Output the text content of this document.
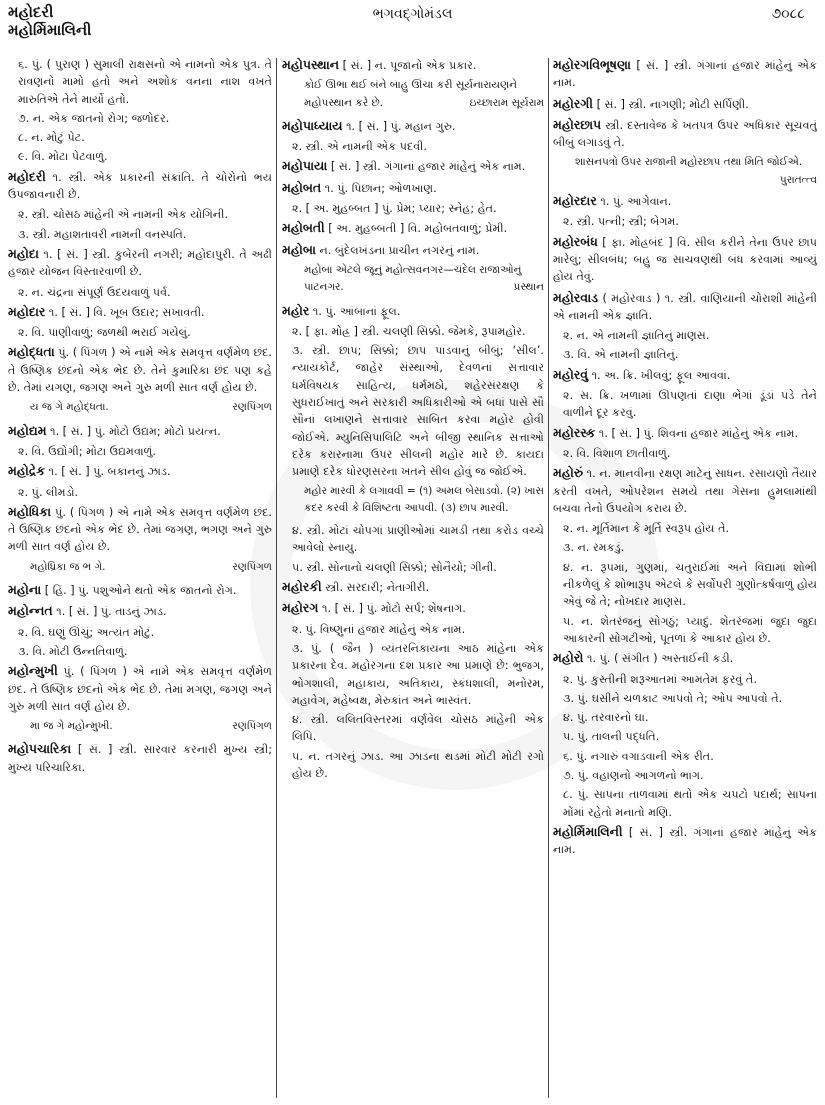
મહોદરી
મહોર્મિમાલિની
ભગવદ્ગોમંડલ	૭૦૮૮
૬. પું. ( પુરાણ ) સુમાલી રાક્ષસનો એ નામનો એક પુત્ર. તે રાવણનો મામો હતો અને અશોક વનના નાશ વખતે મારુતિએ તેને માર્યો હતો.
૭. ન. એક જાતનો રોગ; જળોદર.
૮. ન. મોટું પેટ.
૯. વિ. મોટા પેટવાળું.
મહોદરી ૧. સ્ત્રી. એક પ્રકારની સંક્રાંતિ. તે ચોરોનો ભય ઉપજાવનારી છે.
૨. સ્ત્રી. ચોસઠ માંહેની એ નામની એક યોગિની.
૩. સ્ત્રી. મહાશતાવરી નામની વનસ્પતિ.
મહોદા ૧. [ સં. ] સ્ત્રી. કુબેરની નગરી; મહોદાપુરી. તે અઢી હજાર યોજન વિસ્તારવાળી છે.
૨. ન. ચંદ્રના સંપૂર્ણ ઉદયવાળું પર્વ.
મહોદાર ૧. [ સં. ] વિ. ખૂબ ઉદાર; સખાવતી.
૨. વિ. પાણીવાળું; જળથી ભરાઈ ગયેલું.
મહોદ્ધતા પું. ( પિંગળ ) એ નામે એક સમવૃત્ત વર્ણમેળ છંદ. તે ઉષ્ણિક છંદનો એક ભેદ છે. તેને કુમારિકા છંદ પણ કહે છે. તેમાં યગણ, જગણ અને ગુરુ મળી સાત વર્ણ હોય છે.
ય જ ગે મહોદ્ધતા.	રણપિંગળ
મહોદ્યમ ૧. [ સં. ] પું. મોટો ઉદ્યમ; મોટો પ્રયત્ન.
૨. વિ. ઉદ્યોગી; મોટા ઉદ્યમવાળું.
મહોદ્રેક ૧. [ સં. ] પું. બકાનનું ઝાડ.
૨. પું. લીમડો.
મહોધિકા પું. ( પિંગળ ) એ નામે એક સમવૃત્ત વર્ણમેળ છંદ. તે ઉષ્ણિક છંદનો એક ભેદ છે. તેમાં જગણ, ભગણ અને ગુરુ મળી સાત વર્ણ હોય છે.
મહોધ્રિકા જ ભ ગે.	રણપિંગળ
મહોના [ હિં. ] પું. પશુઓને થતો એક જાતનો રોગ.
મહોન્નત ૧. [ સં. ] પું. તાડનું ઝાડ.
૨. વિ. ઘણું ઊંચું; અત્યંત મોટું.
૩. વિ. મોટી ઉન્નતિવાળું.
મહોન્મુખી પું. ( પિંગળ ) એ નામે એક સમવૃત્ત વર્ણમેળ છંદ. તે ઉષ્ણિક છંદનો એક ભેદ છે. તેમાં મગણ, જગણ અને ગુરુ મળી સાત વર્ણ હોય છે.
મા જ ગે મહોન્મુખી.	રણપિંગળ
મહોપચારિકા [ સં. ] સ્ત્રી. સારવાર કરનારી મુખ્ય સ્ત્રી; મુખ્ય પરિચારિકા.
મહોપસ્થાન [ સં. ] ન. પૂજાનો એક પ્રકાર.
કોઈ ઊભા થઈ બંને બાહુ ઊંચા કરી સૂર્યનારાયણને મહોપસ્થાન કરે છે.	ઇચ્છારામ સૂર્યરામ
મહોપાધ્યાય ૧. [ સં. ] પું. મહાન ગુરુ.
૨. સ્ત્રી. એ નામની એક પદવી.
મહોપાયા [ સં. ] સ્ત્રી. ગંગાનાં હજાર માંહેનું એક નામ.
મહોબત ૧. પું. પિછાન; ઓળખાણ.
૨. [ અ. મુહબ્બત ] પું. પ્રેમ; પ્યાર; સ્નેહ; હેત.
મહોબતી [ અ. મુહબ્બતી ] વિ. મહોબતવાળું; પ્રેમી.
મહોબા ન. બુંદેલખંડના પ્રાચીન નગરનું નામ.
મહોબા એટલે જૂનું મહોત્સવનગર—ચંદેલ રાજાઓનું પાટનગર.	પ્રસ્થાન
મહોર ૧. પું. આંબાનાં ફૂલ.
૨. [ ફા. મોહ્ર ] સ્ત્રી. ચલણી સિક્કો. જેમકે, રૂપામહોર.
૩. સ્ત્રી. છાપ; સિક્કો; છાપ પાડવાનું બીબું; ‘સીલ’. ન્યાયકોર્ટ, જાહેર સંસ્થાઓ, દેવળનાં સત્તાવાર ધર્મવિષયક સાહિત્ય, ધર્મમઠો, શહેરસંરક્ષણ કે સુધરાઈખાતું અને સરકારી અધિકારીઓ એ બધાં પાસે સૌ સૌનાં લખાણને સત્તાવાર સાબિત કરવા મહોર હોવી જોઈએ. મ્યુનિસિપાલિટિ અને બીજી સ્થાનિક સત્તાઓ દરેક કરારનામા ઉપર સીલની મહોર મારે છે. કાયદા પ્રમાણે દરેક ધોરણસરના ખતને સીલ હોવું જ જોઈએ.
મહોર મારવી કે લગાવવી = (૧) અમલ બેસાડવો. (૨) ખાસ કદર કરવી કે વિશિષ્ટતા આપવી. (૩) છાપ મારવી.
૪. સ્ત્રી. મોટાં ચોપગાં પ્રાણીઓમાં ચામડી તથા કરોડ વચ્ચે આવેલો સ્નાયુ.
૫. સ્ત્રી. સોનાનો ચલણી સિક્કો; સોનૈયો; ગીની.
મહોરકી સ્ત્રી. સરદારી; નેતાગીરી.
મહોરગ ૧. [ સં. ] પું. મોટો સર્પ; શેષનાગ.
૨. પું. વિષ્ણુનાં હજાર માંહેનું એક નામ.
૩. પું. ( જૈન ) વ્યંતરનિકાયના આઠ માંહેના એક પ્રકારના દેવ. મહોરગના દશ પ્રકાર આ પ્રમાણે છે: ભુજગ, ભોગશાલી, મહાકાય, અતિકાય, સ્કંધશાલી, મનોરમ, મહાવેગ, મહેષ્વક્ષ, મેરુકાંત અને ભાસ્વંત.
૪. સ્ત્રી. લલિતવિસ્તરમાં વર્ણવેલ ચોસઠ માંહેની એક લિપિ.
૫. ન. તગરનું ઝાડ. આ ઝાડના થડમાં મોટી મોટી રગો હોય છે.
મહોરગવિભૂષણા [ સં. ] સ્ત્રી. ગંગાનાં હજાર માંહેનું એક નામ.
મહોરગી [ સં. ] સ્ત્રી. નાગણી; મોટી સર્પિણી.
મહોરછાપ સ્ત્રી. દસ્તાવેજ કે ખતપત્ર ઉપર અધિકાર સૂચવતું બીબું લગાડવું તે.
શાસનપત્રો ઉપર રાજાની મહોરછાપ તથા મિતિ જોઈએ.
પુરાતત્ત્વ
મહોરદાર ૧. પું. આગેવાન.
૨. સ્ત્રી. પત્ની; સ્ત્રી; બેગમ.
મહોરબંધ [ ફા. મોહ્રબંદ ] વિ. સીલ કરીને તેના ઉપર છાપ મારેલું; સીલબંધ; બહુ જ સાચવણથી બંધ કરવામાં આવ્યું હોય તેવું.
મહોરવાડ ( મહોરવાડ ) ૧. સ્ત્રી. વાણિયાની ચોરાશી માંહેની એ નામની એક જ્ઞાતિ.
૨. ન. એ નામની જ્ઞાતિનું માણસ.
૩. વિ. એ નામની જ્ઞાતિનું.
મહોરવું ૧. અ. ક્રિ. ખીલવું; ફૂલ આવવાં.
૨. સ. ક્રિ. ખળામાં ઊપણતાં દાણા ભેગાં ડૂંડાં પડે તેને વાળીને દૂર કરવું.
મહોરસ્ક ૧. [ સં. ] પું. શિવનાં હજાર માંહેનું એક નામ.
૨. વિ. વિશાળ છાતીવાળું.
મહોરું ૧. ન. માનવીના રક્ષણ માટેનું સાધન. રસાયણો તૈયાર કરતી વખતે, ઓપરેશન સમયે તથા ગેસના હુમલામાંથી બચવા તેનો ઉપયોગ કરાય છે.
૨. ન. મૂર્તિમાન કે મૂર્તિ સ્વરૂપ હોય તે.
૩. ન. રમકડું.
૪. ન. રૂપમાં, ગુણમાં, ચતુરાઈમાં અને વિદ્યામાં શોભી નીકળેલું કે શોભારૂપ એટલે કે સર્વોપરી ગુણોત્કર્ષવાળું હોય એવું જે તે; નોખદાર માણસ.
૫. ન. શેતરંજનું સોગઠું; પ્યાદું. શેતરંજમાં જુદા જુદા આકારની સોગટીઓ, પૂતળાં કે આકાર હોય છે.
મહોરો ૧. પું. ( સંગીત ) અસ્તાઈની કડી.
૨. પું. કુસ્તીની શરૂઆતમાં આમતેમ ફરવું તે.
૩. પું. ઘસીને ચળકાટ આપવો તે; ઓપ આપવો તે.
૪. પું. તરવારનો ઘા.
૫. પું. તાલની પદ્ધતિ.
૬. પું. નગારું વગાડવાની એક રીત.
૭. પું. વહાણનો આગળનો ભાગ.
૮. પું. સાપના તાળવામાં થતો એક ચપટો પદાર્થ; સાપના મોંમાં રહેતો મનાતો મણિ.
મહોર્મિમાલિની [ સં. ] સ્ત્રી. ગંગાનાં હજાર માંહેનું એક નામ.
